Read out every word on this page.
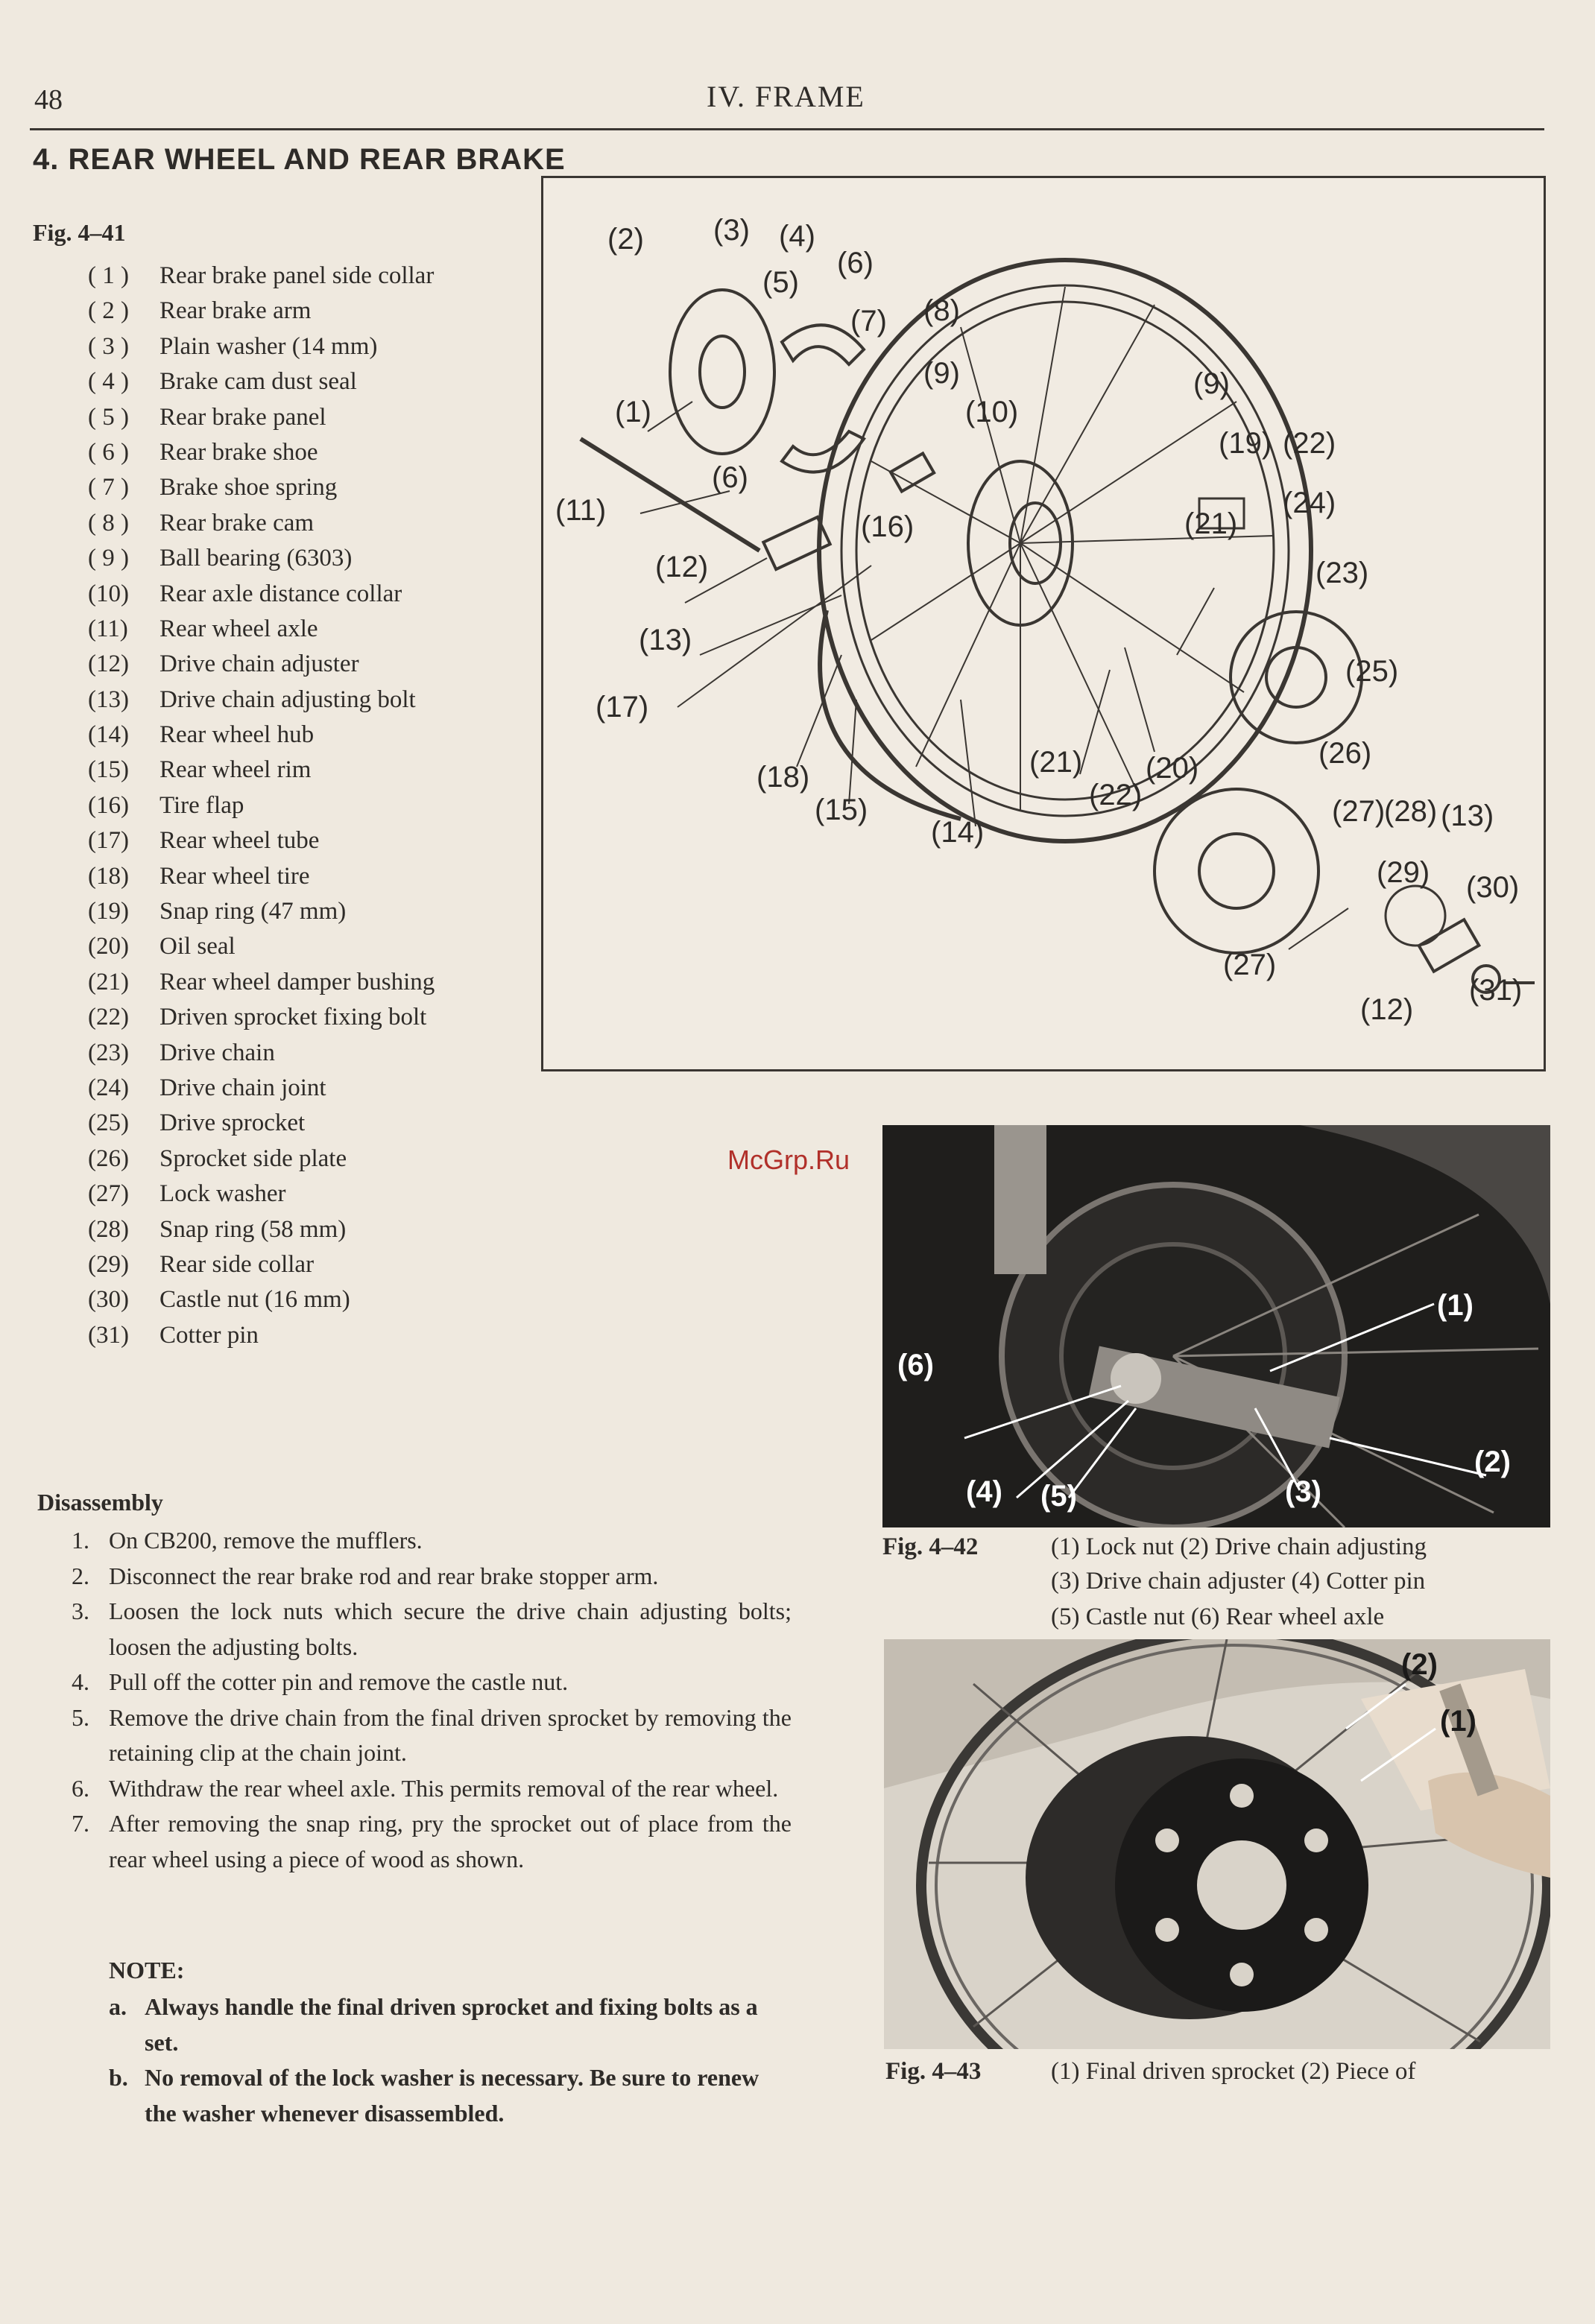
48	IV. FRAME
4. REAR WHEEL AND REAR BRAKE
Fig. 4–41
( 1 ) Rear brake panel side collar
( 2 ) Rear brake arm
( 3 ) Plain washer (14 mm)
( 4 ) Brake cam dust seal
( 5 ) Rear brake panel
( 6 ) Rear brake shoe
( 7 ) Brake shoe spring
( 8 ) Rear brake cam
( 9 ) Ball bearing (6303)
(10) Rear axle distance collar
(11) Rear wheel axle
(12) Drive chain adjuster
(13) Drive chain adjusting bolt
(14) Rear wheel hub
(15) Rear wheel rim
(16) Tire flap
(17) Rear wheel tube
(18) Rear wheel tire
(19) Snap ring (47 mm)
(20) Oil seal
(21) Rear wheel damper bushing
(22) Driven sprocket fixing bolt
(23) Drive chain
(24) Drive chain joint
(25) Drive sprocket
(26) Sprocket side plate
(27) Lock washer
(28) Snap ring (58 mm)
(29) Rear side collar
(30) Castle nut (16 mm)
(31) Cotter pin
(2) (3) (4)
(5)
(6)
(7) (8)
(9)
(10)
(9)
(1)
(6)
(11)
(12)
(16)
(13)
(17)
(19) (22)
(24)
(21)
(23)
(25)
(18)
(15)
(14)
(21)
(22)
(20)	(26)
(27)
(28) (13)
(29) (30)
(27)
(12)
(31)
McGrp.Ru
(1)
(2)
(3)
(4) (5)
(6)
Fig. 4–42	(1) Lock nut (2) Drive chain adjusting
(3) Drive chain adjuster (4) Cotter pin
(5) Castle nut (6) Rear wheel axle
(2)
(1)
Fig. 4–43	(1) Final driven sprocket (2) Piece of
Disassembly
1. On CB200, remove the mufflers.
2. Disconnect the rear brake rod and rear brake stopper arm.
3. Loosen the lock nuts which secure the drive chain adjusting bolts; loosen the adjusting bolts.
4. Pull off the cotter pin and remove the castle nut.
5. Remove the drive chain from the final driven sprocket by removing the retaining clip at the chain joint.
6. Withdraw the rear wheel axle. This permits removal of the rear wheel.
7. After removing the snap ring, pry the sprocket out of place from the rear wheel using a piece of wood as shown.
NOTE:
a. Always handle the final driven sprocket and fixing bolts as a set.
b. No removal of the lock washer is necessary. Be sure to renew the washer whenever disassembled.
